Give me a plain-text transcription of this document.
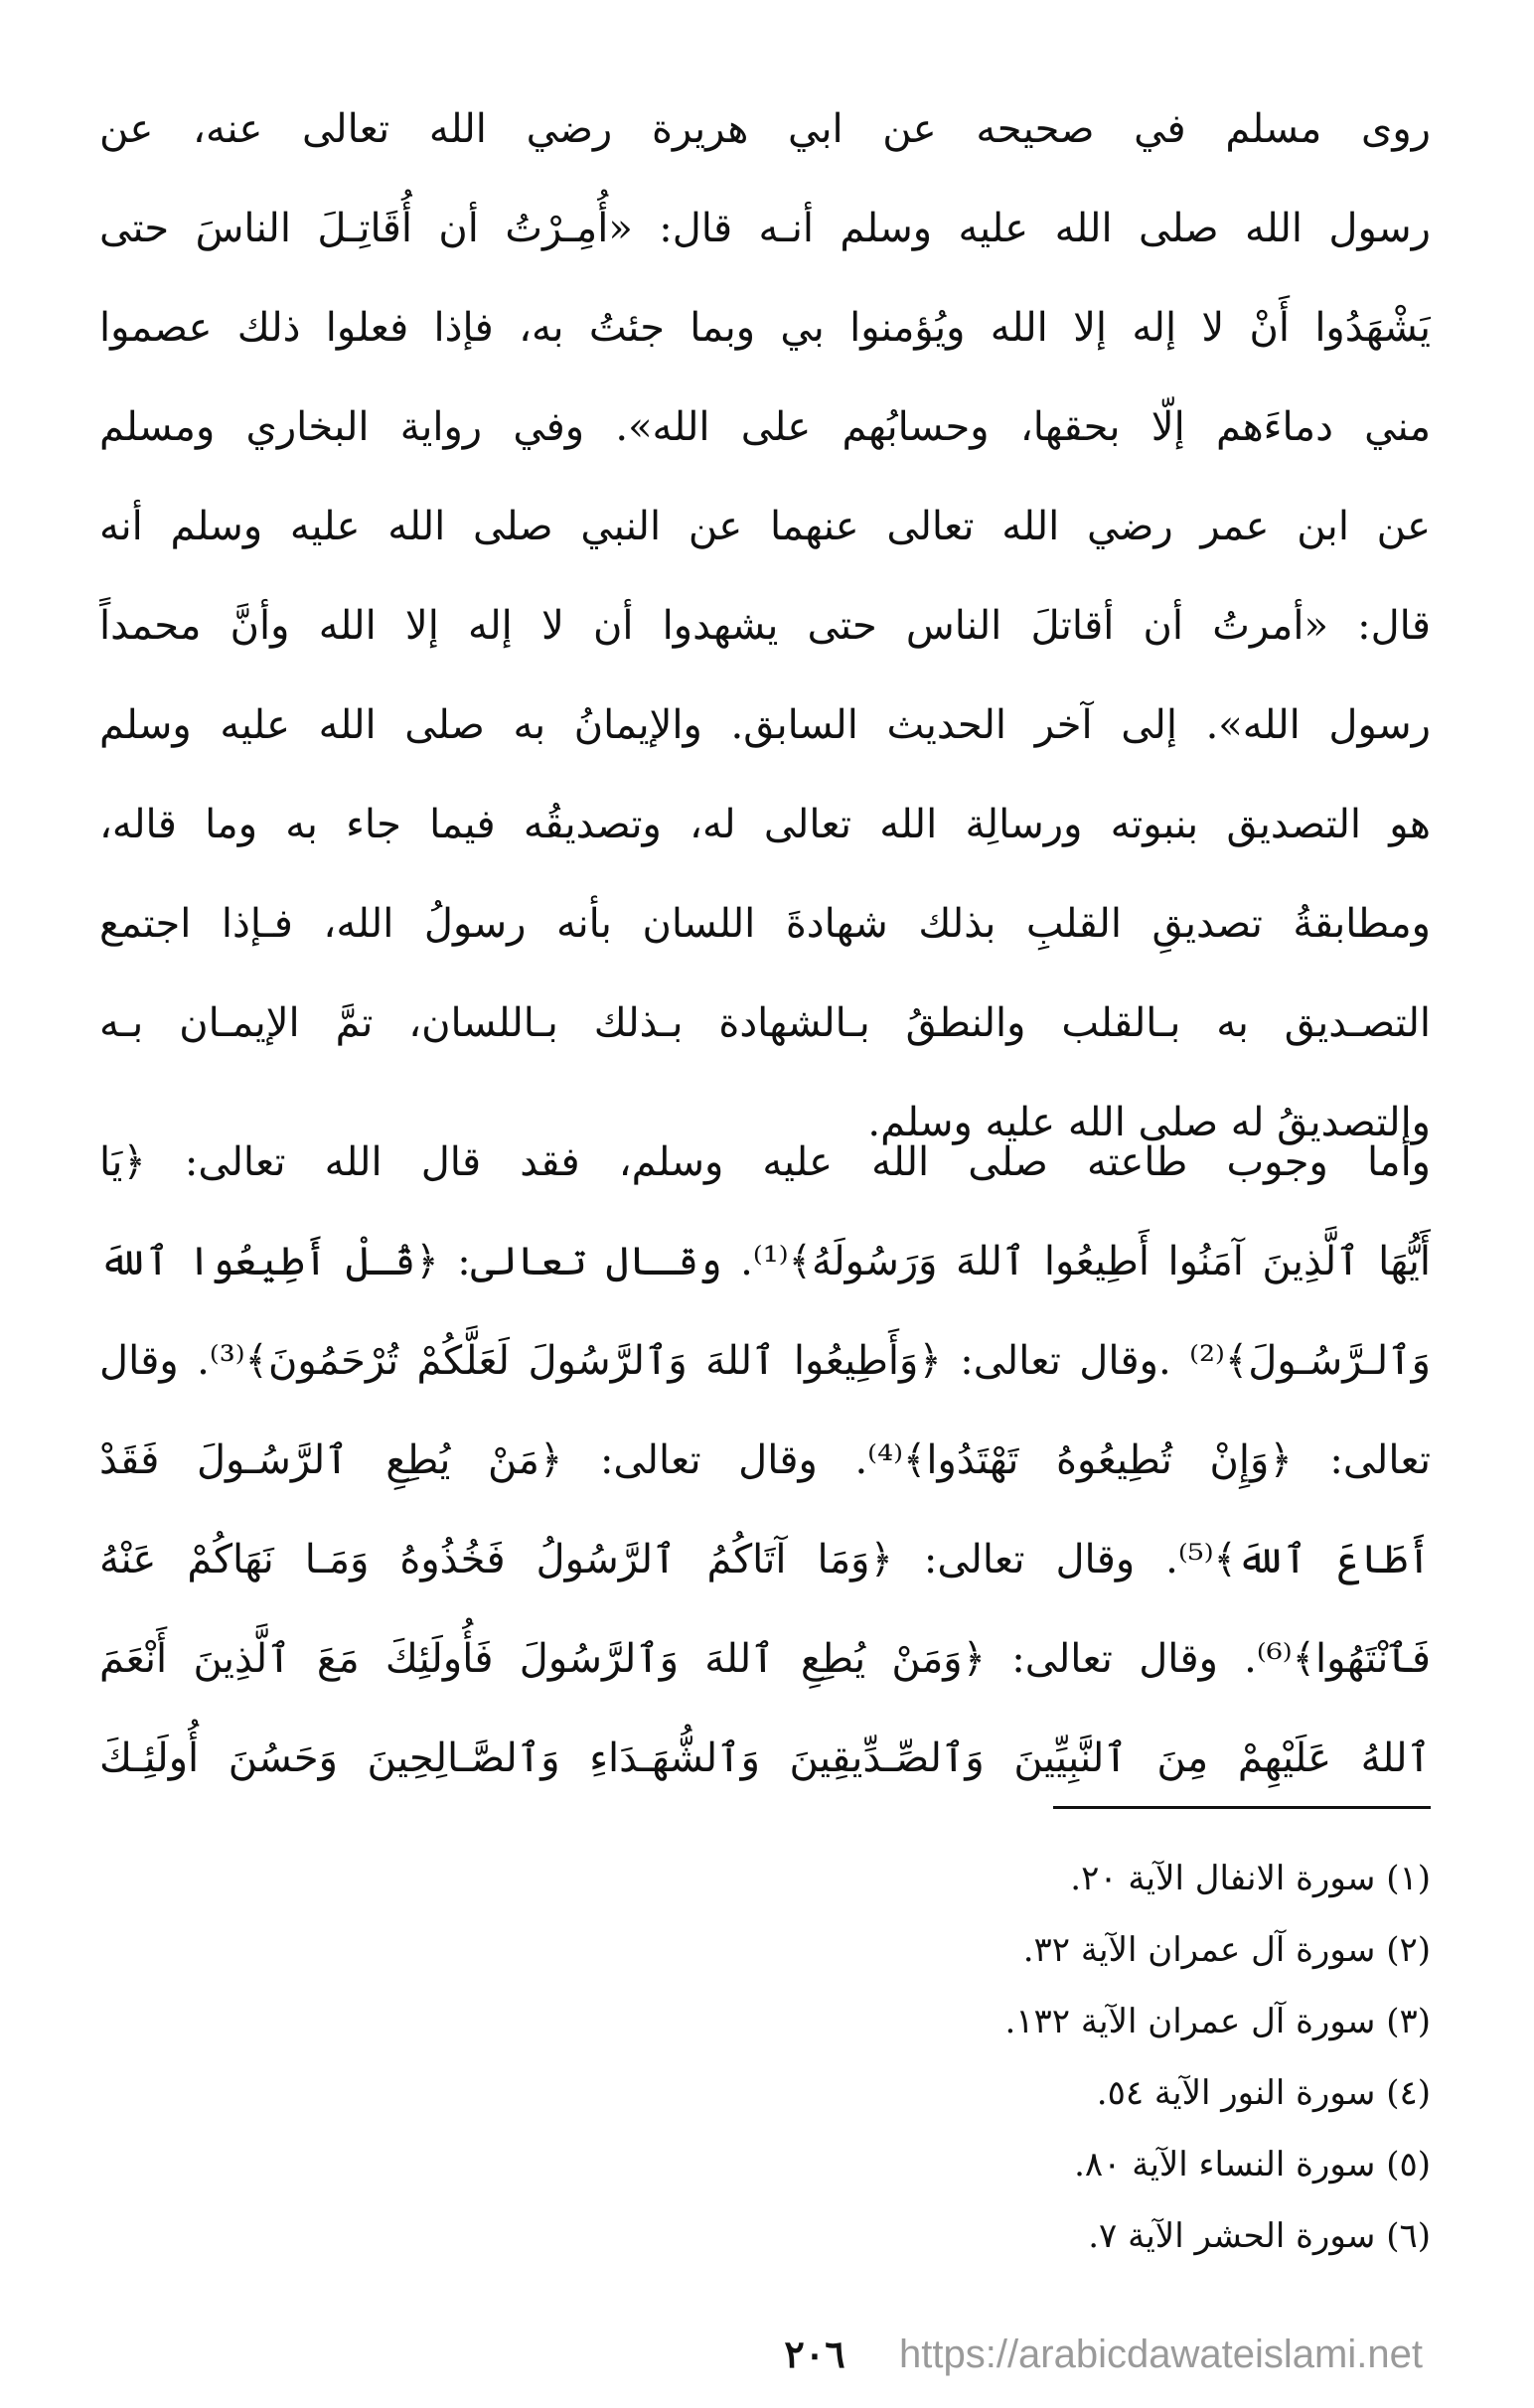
روى مسلم في صحيحه عن ابي هريرة رضي الله تعالى عنه، عن
رسول الله صلى الله عليه وسلم أنـه قال: «أُمِـرْتُ أن أُقَاتِـلَ الناسَ حتى
يَشْهَدُوا أَنْ لا إله إلا الله ويُؤمنوا بي وبما جئتُ به، فإذا فعلوا ذلك عصموا
مني دماءَهم إلّا بحقها، وحسابُهم على الله». وفي رواية البخاري ومسلم
عن ابن عمر رضي الله تعالى عنهما عن النبي صلى الله عليه وسلم أنه
قال: «أمرتُ أن أقاتلَ الناس حتى يشهدوا أن لا إله إلا الله وأنَّ محمداً
رسول الله». إلى آخر الحديث السابق. والإيمانُ به صلى الله عليه وسلم
هو التصديق بنبوته ورسالِة الله تعالى له، وتصديقُه فيما جاء به وما قاله،
ومطابقةُ تصديقِ القلبِ بذلك شهادةَ اللسان بأنه رسولُ الله، فـإذا اجتمع
التصـديق به بـالقلب والنطقُ بـالشهادة بـذلك بـاللسان، تمَّ الإيمـان بـه
والتصديقُ له صلى الله عليه وسلم.
وأما وجوب طاعته صلى الله عليه وسلم، فقد قال الله تعالى: ﴿يَا
أَيُّهَا ٱلَّذِينَ آمَنُوا أَطِيعُوا ٱللهَ وَرَسُولَهُ﴾⁽¹⁾. وقـال تعالى: ﴿قُـلْ أَطِيعُوا ٱللهَ
وَٱلـرَّسُـولَ﴾⁽²⁾ .وقال تعالى: ﴿وَأَطِيعُوا ٱللهَ وَٱلرَّسُولَ لَعَلَّكُمْ تُرْحَمُونَ﴾⁽³⁾. وقال
تعالى: ﴿وَإِنْ تُطِيعُوهُ تَهْتَدُوا﴾⁽⁴⁾. وقال تعالى: ﴿مَنْ يُطِعِ ٱلرَّسُـولَ فَقَدْ
أَطَاعَ ٱللهَ﴾⁽⁵⁾. وقال تعالى: ﴿وَمَا آتَاكُمُ ٱلرَّسُولُ فَخُذُوهُ وَمَـا نَهَاكُمْ عَنْهُ
فَٱنْتَهُوا﴾⁽⁶⁾. وقال تعالى: ﴿وَمَنْ يُطِعِ ٱللهَ وَٱلرَّسُولَ فَأُولَئِكَ مَعَ ٱلَّذِينَ أَنْعَمَ
ٱللهُ عَلَيْهِمْ مِنَ ٱلنَّبِيِّينَ وَٱلصِّـدِّيقِينَ وَٱلشُّهَـدَاءِ وَٱلصَّـالِحِينَ وَحَسُنَ أُولَئِـكَ
(١) سورة الانفال الآية ٢٠.
(٢) سورة آل عمران الآية ٣٢.
(٣) سورة آل عمران الآية ١٣٢.
(٤) سورة النور الآية ٥٤.
(٥) سورة النساء الآية ٨٠.
(٦) سورة الحشر الآية ٧.
٢٠٦	https://arabicdawateislami.net
